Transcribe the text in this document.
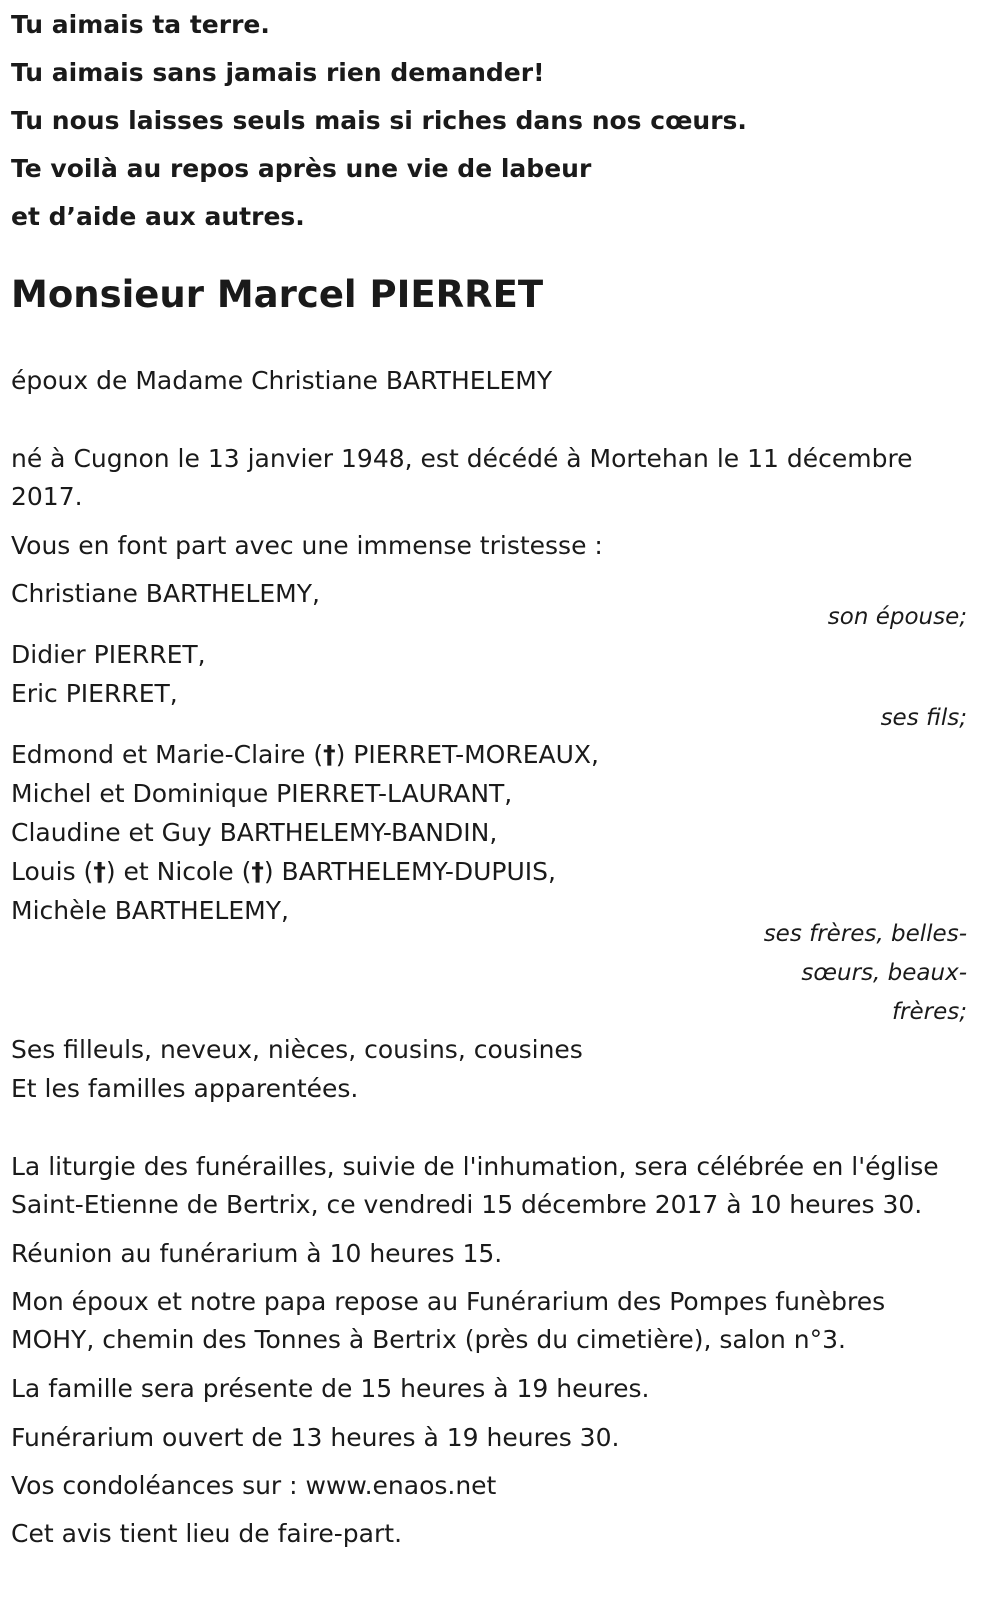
Tu aimais ta terre.
Tu aimais sans jamais rien demander!
Tu nous laisses seuls mais si riches dans nos cœurs.
Te voilà au repos après une vie de labeur
et d’aide aux autres.
Monsieur Marcel PIERRET
époux de Madame Christiane BARTHELEMY
né à Cugnon le 13 janvier 1948, est décédé à Mortehan le 11 décembre
2017.
Vous en font part avec une immense tristesse :
Christiane BARTHELEMY,
son épouse;
Didier PIERRET,
Eric PIERRET,
ses fils;
Edmond et Marie-Claire (†) PIERRET-MOREAUX,
Michel et Dominique PIERRET-LAURANT,
Claudine et Guy BARTHELEMY-BANDIN,
Louis (†) et Nicole (†) BARTHELEMY-DUPUIS,
Michèle BARTHELEMY,
ses frères, belles-
sœurs, beaux-
frères;
Ses filleuls, neveux, nièces, cousins, cousines
Et les familles apparentées.
La liturgie des funérailles, suivie de l'inhumation, sera célébrée en l'église
Saint-Etienne de Bertrix, ce vendredi 15 décembre 2017 à 10 heures 30.
Réunion au funérarium à 10 heures 15.
Mon époux et notre papa repose au Funérarium des Pompes funèbres
MOHY, chemin des Tonnes à Bertrix (près du cimetière), salon n°3.
La famille sera présente de 15 heures à 19 heures.
Funérarium ouvert de 13 heures à 19 heures 30.
Vos condoléances sur : www.enaos.net
Cet avis tient lieu de faire-part.
